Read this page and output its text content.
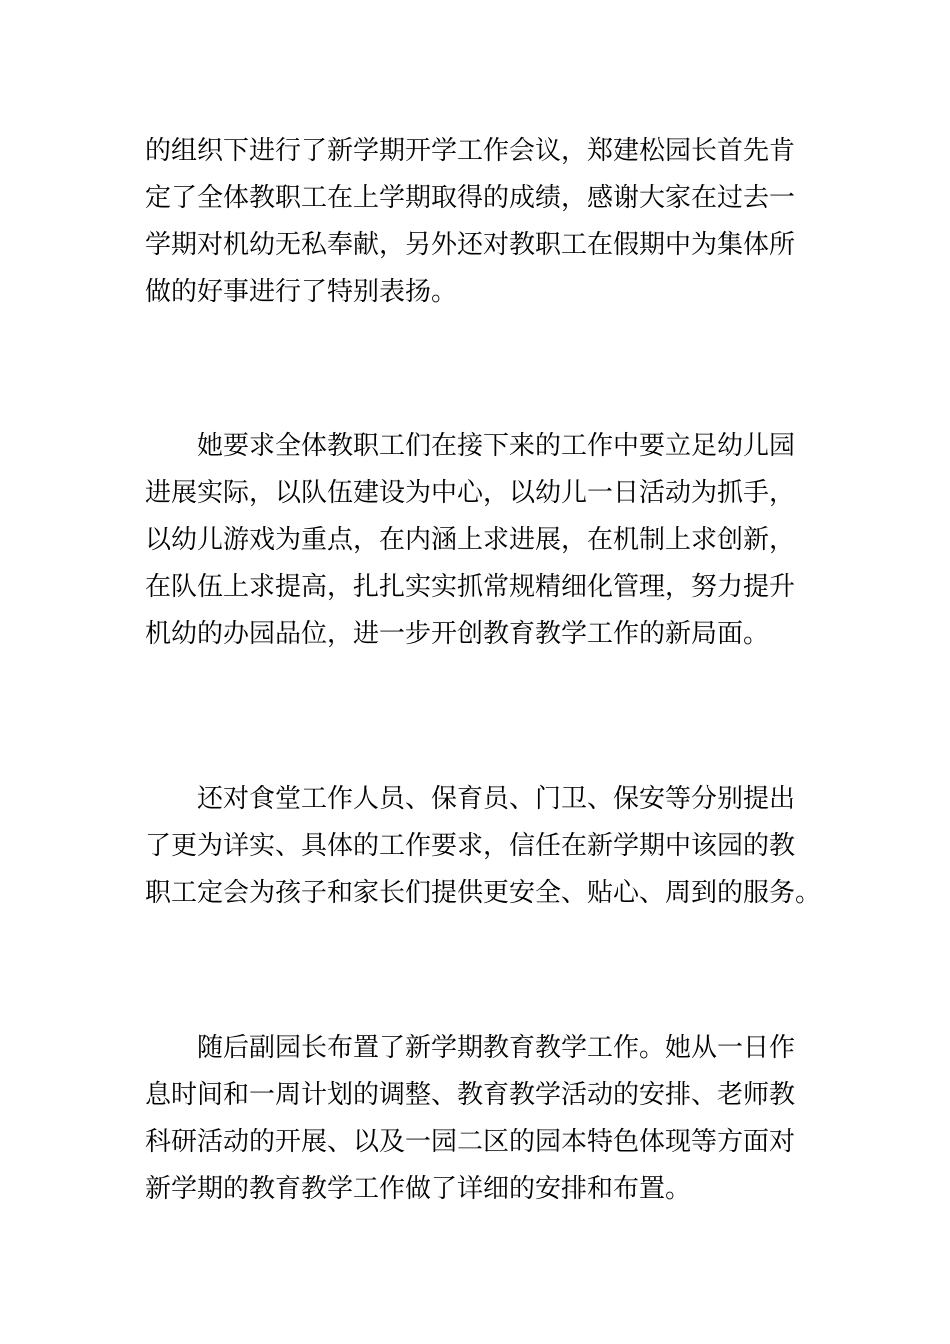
的组织下进行了新学期开学工作会议，郑建松园长首先肯
定了全体教职工在上学期取得的成绩，感谢大家在过去一
学期对机幼无私奉献，另外还对教职工在假期中为集体所
做的好事进行了特别表扬。

　　她要求全体教职工们在接下来的工作中要立足幼儿园
进展实际，以队伍建设为中心，以幼儿一日活动为抓手，
以幼儿游戏为重点，在内涵上求进展，在机制上求创新，
在队伍上求提高，扎扎实实抓常规精细化管理，努力提升
机幼的办园品位，进一步开创教育教学工作的新局面。

　　还对食堂工作人员、保育员、门卫、保安等分别提出
了更为详实、具体的工作要求，信任在新学期中该园的教
职工定会为孩子和家长们提供更安全、贴心、周到的服务。

　　随后副园长布置了新学期教育教学工作。她从一日作
息时间和一周计划的调整、教育教学活动的安排、老师教
科研活动的开展、以及一园二区的园本特色体现等方面对
新学期的教育教学工作做了详细的安排和布置。
